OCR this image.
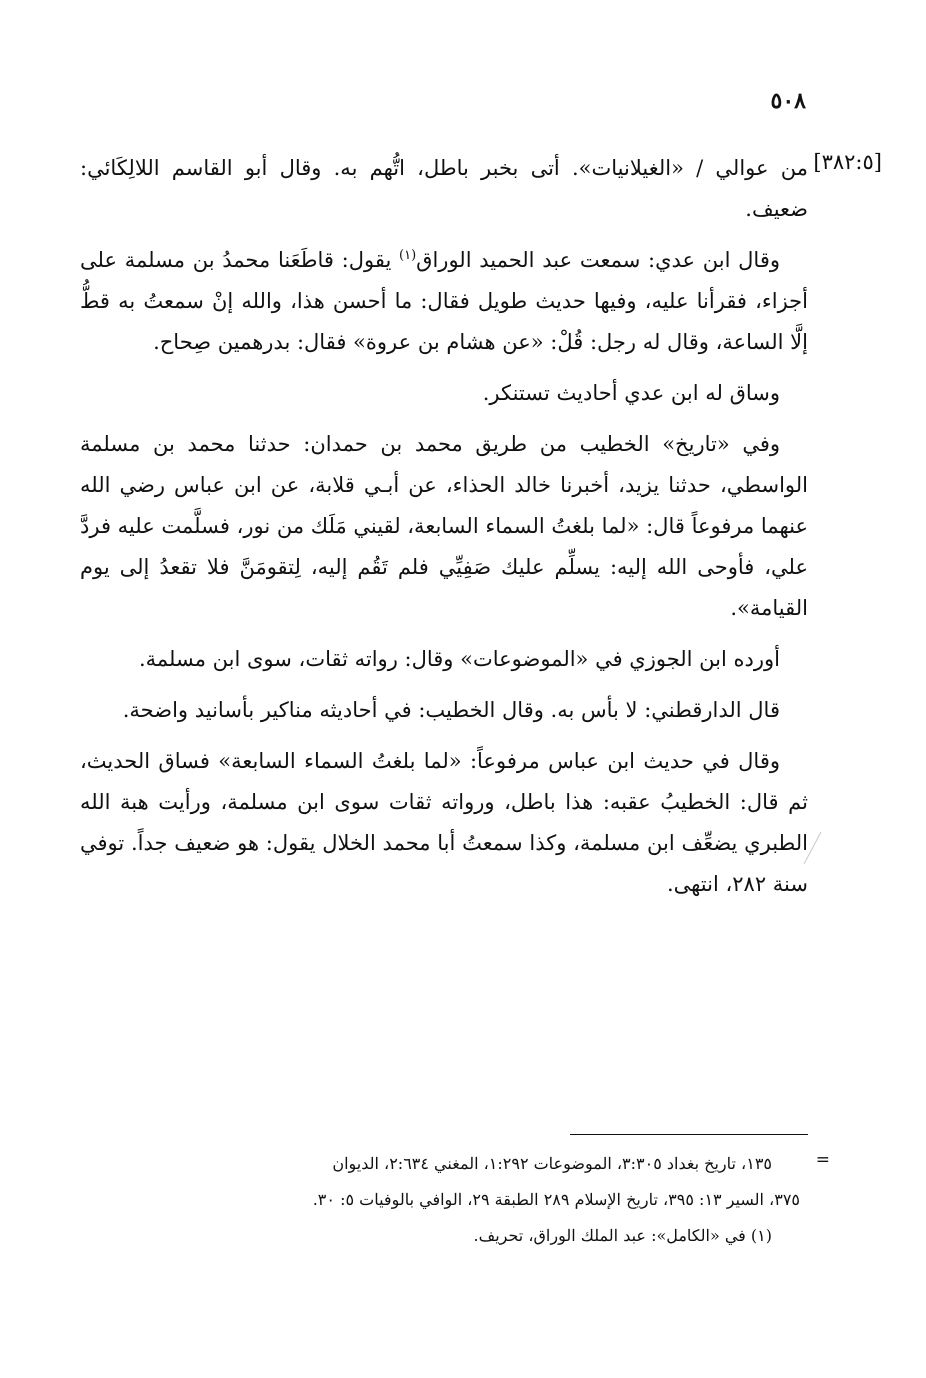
٥٠٨
[٣٨٢:٥]

من عوالي / «الغيلانيات». أتى بخبر باطل، اتُّهم به. وقال أبو القاسم اللالِكَائي: ضعيف.

وقال ابن عدي: سمعت عبد الحميد الوراق$^{(١)}$ يقول: قاطَعَنا محمدُ بن مسلمة على أجزاء، فقرأنا عليه، وفيها حديث طويل فقال: ما أحسن هذا، والله إنْ سمعتُ به قطُّ إلَّا الساعة، وقال له رجل: قُلْ: «عن هشام بن عروة» فقال: بدرهمين صِحاح.

وساق له ابن عدي أحاديث تستنكر.

وفي «تاريخ» الخطيب من طريق محمد بن حمدان: حدثنا محمد بن مسلمة الواسطي، حدثنا يزيد، أخبرنا خالد الحذاء، عن أبـي قلابة، عن ابن عباس رضي الله عنهما مرفوعاً قال: «لما بلغتُ السماء السابعة، لقيني مَلَك من نور، فسلَّمت عليه فردَّ علي، فأوحى الله إليه: يسلِّم عليك صَفِيِّي فلم تَقُم إليه، لِتقومَنَّ فلا تقعدُ إلى يوم القيامة».

أورده ابن الجوزي في «الموضوعات» وقال: رواته ثقات، سوى ابن مسلمة.

قال الدارقطني: لا بأس به. وقال الخطيب: في أحاديثه مناكير بأسانيد واضحة.

وقال في حديث ابن عباس مرفوعاً: «لما بلغتُ السماء السابعة» فساق الحديث، ثم قال: الخطيبُ عقبه: هذا باطل، ورواته ثقات سوى ابن مسلمة، ورأيت هبة الله الطبري يضعِّف ابن مسلمة، وكذا سمعتُ أبا محمد الخلال يقول: هو ضعيف جداً. توفي سنة ٢٨٢، انتهى.

=

١٣٥، تاريخ بغداد ٣:٣٠٥، الموضوعات ١:٢٩٢، المغني ٢:٦٣٤، الديوان

٣٧٥، السير ١٣: ٣٩٥، تاريخ الإسلام ٢٨٩ الطبقة ٢٩، الوافي بالوفيات ٥: ٣٠.

(١) في «الكامل»: عبد الملك الوراق، تحريف.
